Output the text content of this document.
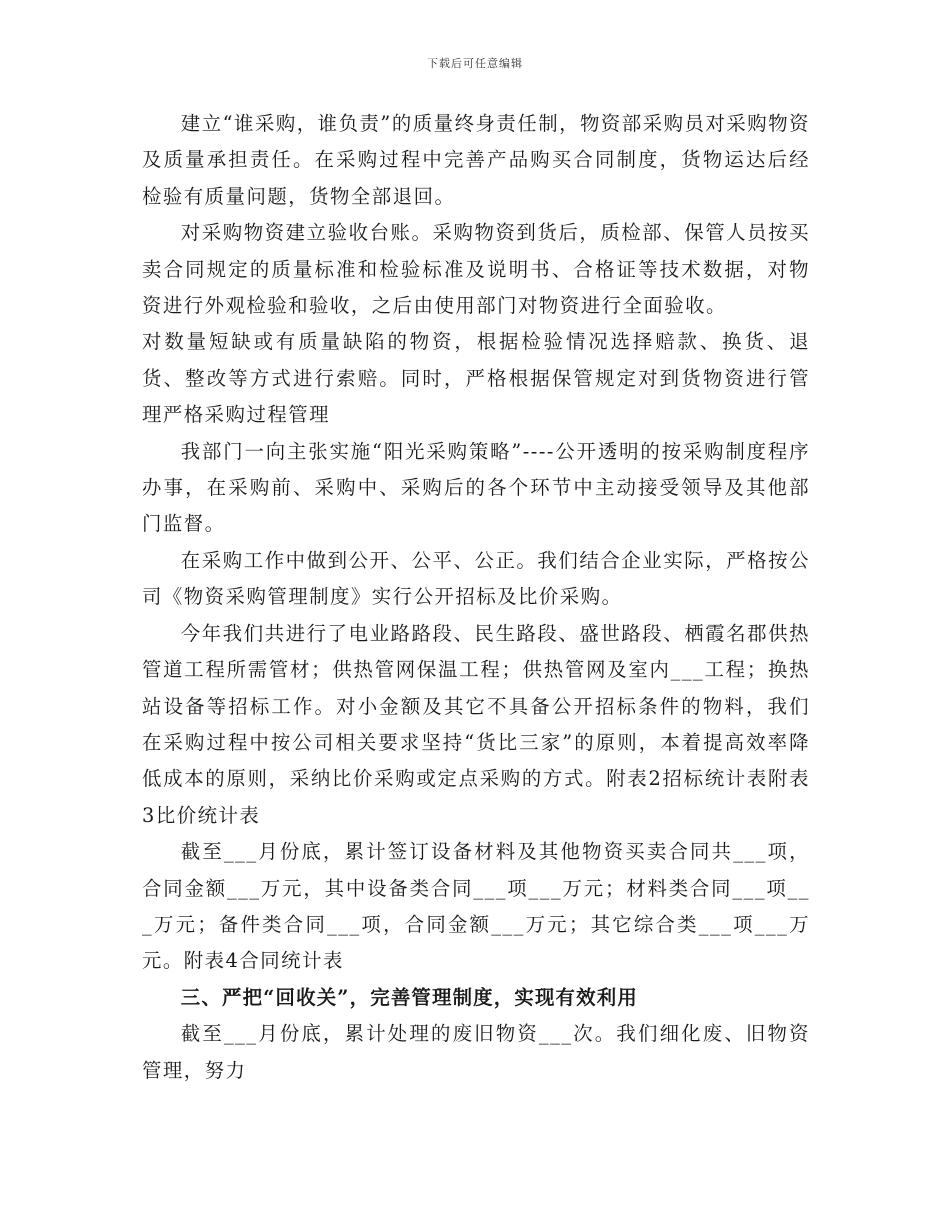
下载后可任意编辑

建立“谁采购，谁负责”的质量终身责任制，物资部采购员对采购物资及质量承担责任。在采购过程中完善产品购买合同制度，货物运达后经检验有质量问题，货物全部退回。

对采购物资建立验收台账。采购物资到货后，质检部、保管人员按买卖合同规定的质量标准和检验标准及说明书、合格证等技术数据，对物资进行外观检验和验收，之后由使用部门对物资进行全面验收。

对数量短缺或有质量缺陷的物资，根据检验情况选择赔款、换货、退货、整改等方式进行索赔。同时，严格根据保管规定对到货物资进行管理严格采购过程管理

我部门一向主张实施“阳光采购策略”----公开透明的按采购制度程序办事，在采购前、采购中、采购后的各个环节中主动接受领导及其他部门监督。

在采购工作中做到公开、公平、公正。我们结合企业实际，严格按公司《物资采购管理制度》实行公开招标及比价采购。

今年我们共进行了电业路路段、民生路段、盛世路段、栖霞名郡供热管道工程所需管材；供热管网保温工程；供热管网及室内___工程；换热站设备等招标工作。对小金额及其它不具备公开招标条件的物料，我们在采购过程中按公司相关要求坚持“货比三家”的原则，本着提高效率降低成本的原则，采纳比价采购或定点采购的方式。附表2招标统计表附表3比价统计表

截至___月份底，累计签订设备材料及其他物资买卖合同共___项，合同金额___万元，其中设备类合同___项___万元；材料类合同___项___万元；备件类合同___项，合同金额___万元；其它综合类___项___万元。附表4合同统计表

三、严把“回收关”，完善管理制度，实现有效利用

截至___月份底，累计处理的废旧物资___次。我们细化废、旧物资管理，努力
